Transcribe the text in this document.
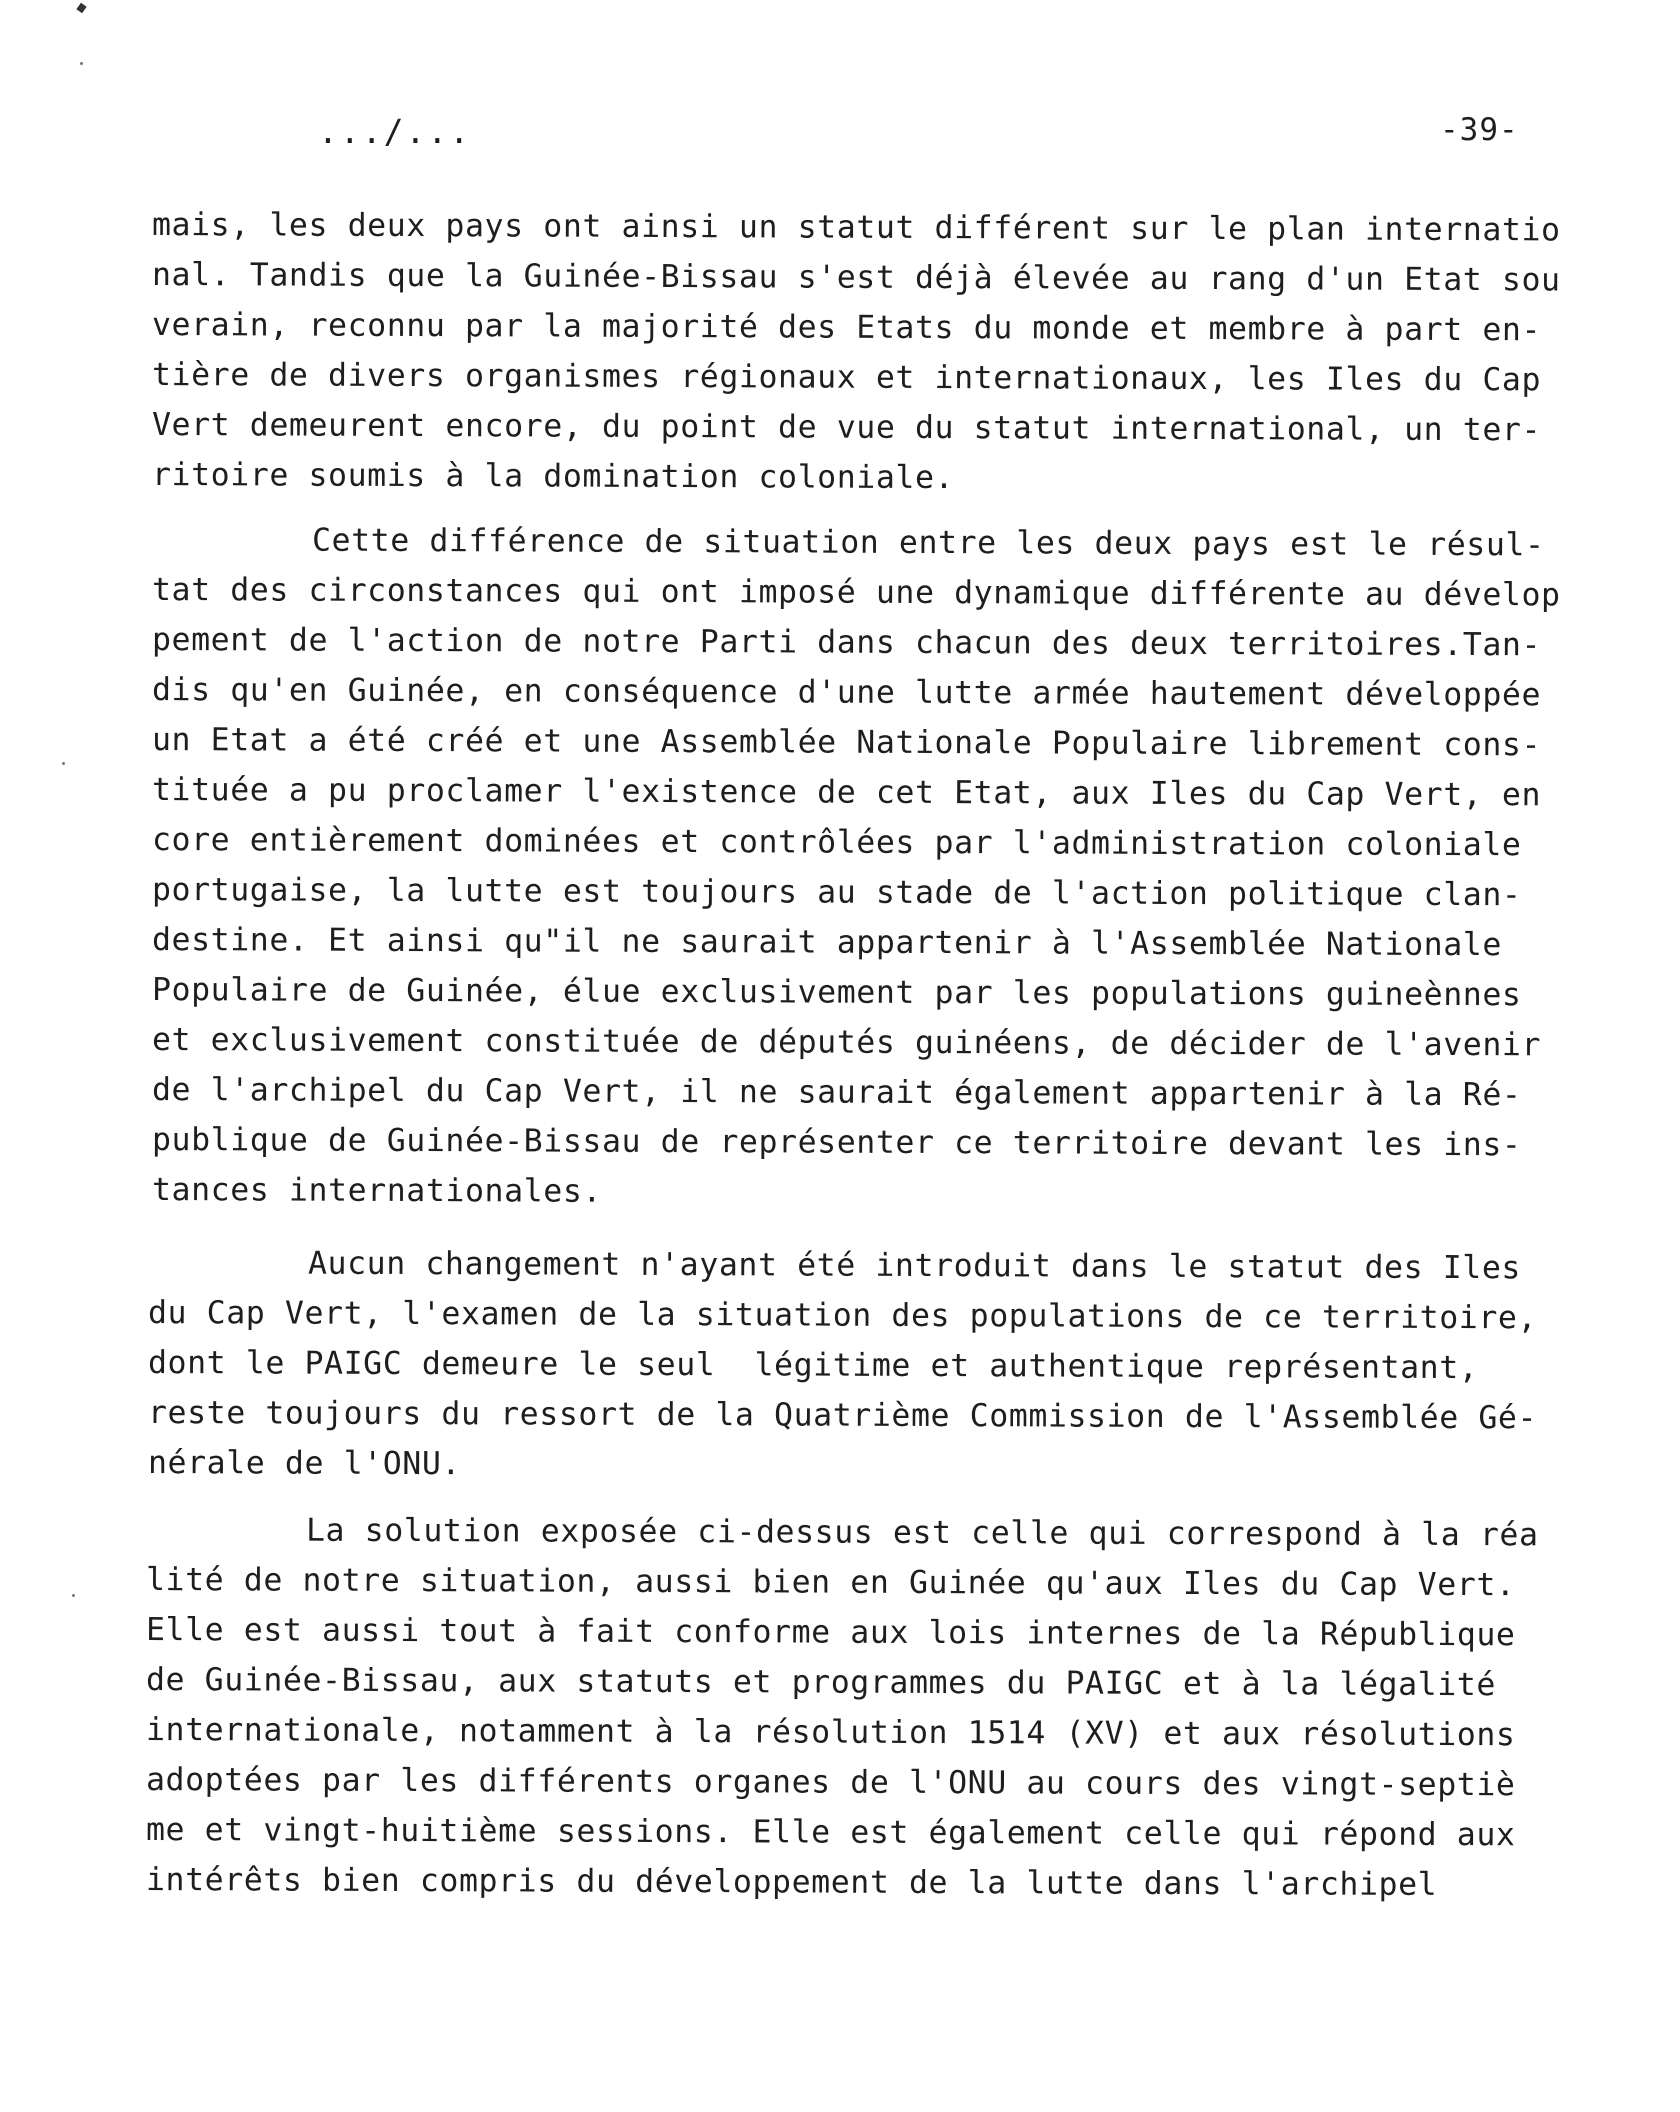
.../...	-39-
mais, les deux pays ont ainsi un statut différent sur le plan internatio
nal. Tandis que la Guinée-Bissau s'est déjà élevée au rang d'un Etat sou
verain, reconnu par la majorité des Etats du monde et membre à part en-
tière de divers organismes régionaux et internationaux, les Iles du Cap
Vert demeurent encore, du point de vue du statut international, un ter-
ritoire soumis à la domination coloniale.
Cette différence de situation entre les deux pays est le résul-
tat des circonstances qui ont imposé une dynamique différente au dévelop
pement de l'action de notre Parti dans chacun des deux territoires.Tan-
dis qu'en Guinée, en conséquence d'une lutte armée hautement développée
un Etat a été créé et une Assemblée Nationale Populaire librement cons-
tituée a pu proclamer l'existence de cet Etat, aux Iles du Cap Vert, en
core entièrement dominées et contrôlées par l'administration coloniale
portugaise, la lutte est toujours au stade de l'action politique clan-
destine. Et ainsi qu"il ne saurait appartenir à l'Assemblée Nationale
Populaire de Guinée, élue exclusivement par les populations guineènnes
et exclusivement constituée de députés guinéens, de décider de l'avenir
de l'archipel du Cap Vert, il ne saurait également appartenir à la Ré-
publique de Guinée-Bissau de représenter ce territoire devant les ins-
tances internationales.
Aucun changement n'ayant été introduit dans le statut des Iles
du Cap Vert, l'examen de la situation des populations de ce territoire,
dont le PAIGC demeure le seul  légitime et authentique représentant,
reste toujours du ressort de la Quatrième Commission de l'Assemblée Gé-
nérale de l'ONU.
La solution exposée ci-dessus est celle qui correspond à la réa
lité de notre situation, aussi bien en Guinée qu'aux Iles du Cap Vert.
Elle est aussi tout à fait conforme aux lois internes de la République
de Guinée-Bissau, aux statuts et programmes du PAIGC et à la légalité
internationale, notamment à la résolution 1514 (XV) et aux résolutions
adoptées par les différents organes de l'ONU au cours des vingt-septiè
me et vingt-huitième sessions. Elle est également celle qui répond aux
intérêts bien compris du développement de la lutte dans l'archipel
